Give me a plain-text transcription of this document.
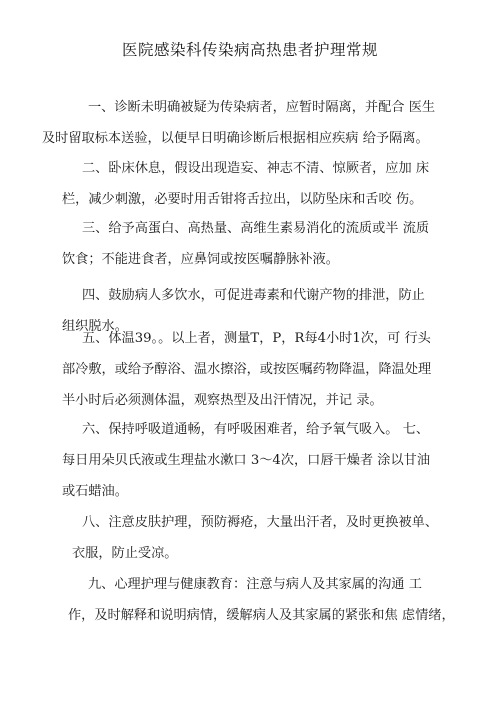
医院感染科传染病高热患者护理常规
一、诊断未明确被疑为传染病者，应暂时隔离，并配合 医生
及时留取标本送验，以便早日明确诊断后根据相应疾病 给予隔离。
二、卧床休息，假设出现造妄、神志不清、惊厥者，应加 床
栏，减少刺激，必要时用舌钳将舌拉出，以防坠床和舌咬 伤。
三、给予高蛋白、高热量、高维生素易消化的流质或半 流质
饮食；不能进食者，应鼻饲或按医嘱静脉补液。
四、鼓励病人多饮水，可促进毒素和代谢产物的排泄，防止
组织脱水。
五、体温39。。以上者，测量T，P，R每4小时1次，可 行头
部冷敷，或给予醇浴、温水擦浴，或按医嘱药物降温，降温处理
半小时后必须测体温，观察热型及出汗情况，并记 录。
六、保持呼吸道通畅，有呼吸困难者，给予氧气吸入。 七、
每日用朵贝氏液或生理盐水漱口 3〜4次，口唇干燥者 涂以甘油
或石蜡油。
八、注意皮肤护理，预防褥疮，大量出汗者，及时更换被单、
衣服，防止受凉。
九、心理护理与健康教育：注意与病人及其家属的沟通 工
作，及时解释和说明病情，缓解病人及其家属的紧张和焦 虑情绪，
